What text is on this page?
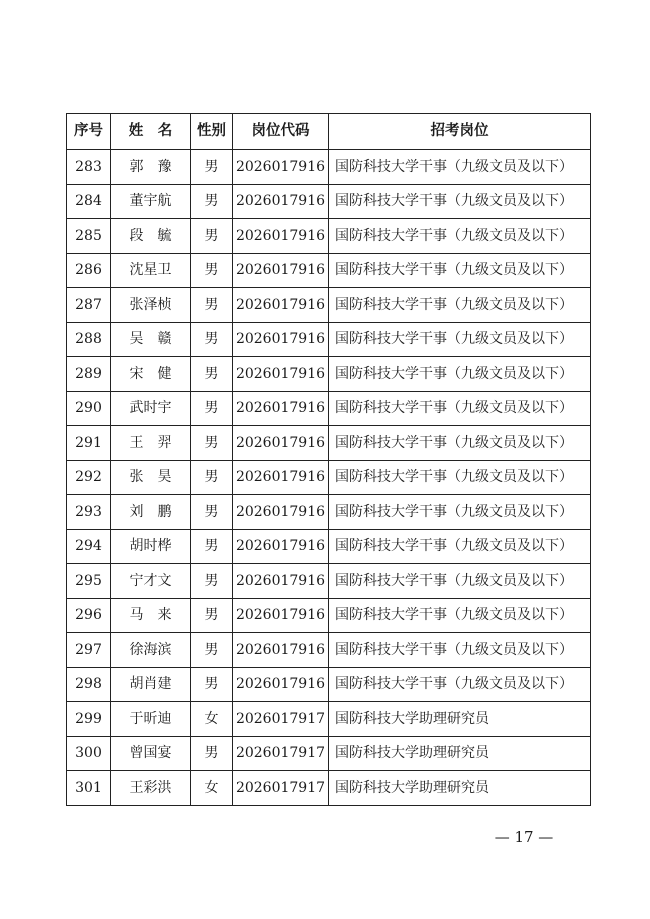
序号	姓　名	性别	岗位代码	招考岗位
283	郭　豫	男	2026017916	国防科技大学干事（九级文员及以下）
284	董宇航	男	2026017916	国防科技大学干事（九级文员及以下）
285	段　毓	男	2026017916	国防科技大学干事（九级文员及以下）
286	沈星卫	男	2026017916	国防科技大学干事（九级文员及以下）
287	张泽桢	男	2026017916	国防科技大学干事（九级文员及以下）
288	吴　赣	男	2026017916	国防科技大学干事（九级文员及以下）
289	宋　健	男	2026017916	国防科技大学干事（九级文员及以下）
290	武时宇	男	2026017916	国防科技大学干事（九级文员及以下）
291	王　羿	男	2026017916	国防科技大学干事（九级文员及以下）
292	张　昊	男	2026017916	国防科技大学干事（九级文员及以下）
293	刘　鹏	男	2026017916	国防科技大学干事（九级文员及以下）
294	胡时桦	男	2026017916	国防科技大学干事（九级文员及以下）
295	宁才文	男	2026017916	国防科技大学干事（九级文员及以下）
296	马　来	男	2026017916	国防科技大学干事（九级文员及以下）
297	徐海滨	男	2026017916	国防科技大学干事（九级文员及以下）
298	胡肖建	男	2026017916	国防科技大学干事（九级文员及以下）
299	于昕迪	女	2026017917	国防科技大学助理研究员
300	曾国宴	男	2026017917	国防科技大学助理研究员
301	王彩洪	女	2026017917	国防科技大学助理研究员
— 17 —
